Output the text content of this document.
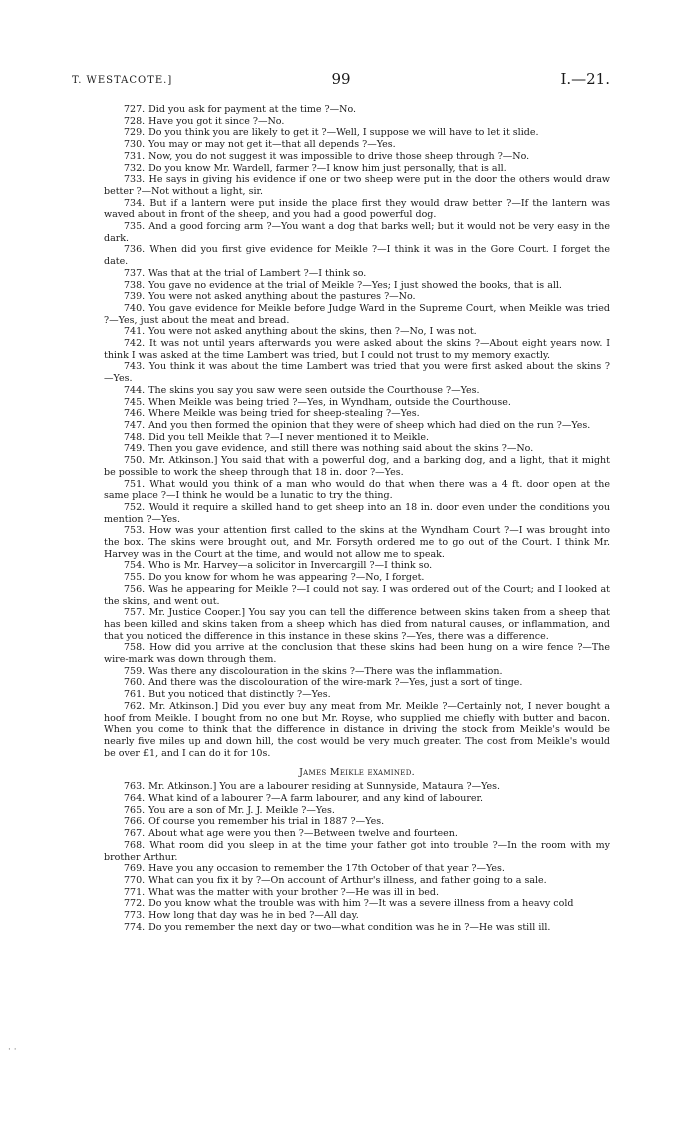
T. WESTACOTE.]	99	I.—21.

727. Did you ask for payment at the time ?—No.

728. Have you got it since ?—No.

729. Do you think you are likely to get it ?—Well, I suppose we will have to let it slide.

730. You may or may not get it—that all depends ?—Yes.

731. Now, you do not suggest it was impossible to drive those sheep through ?—No.

732. Do you know Mr. Wardell, farmer ?—I know him just personally, that is all.

733. He says in giving his evidence if one or two sheep were put in the door the others would draw better ?—Not without a light, sir.

734. But if a lantern were put inside the place first they would draw better ?—If the lantern was waved about in front of the sheep, and you had a good powerful dog.

735. And a good forcing arm ?—You want a dog that barks well; but it would not be very easy in the dark.

736. When did you first give evidence for Meikle ?—I think it was in the Gore Court. I forget the date.

737. Was that at the trial of Lambert ?—I think so.

738. You gave no evidence at the trial of Meikle ?—Yes; I just showed the books, that is all.

739. You were not asked anything about the pastures ?—No.

740. You gave evidence for Meikle before Judge Ward in the Supreme Court, when Meikle was tried ?—Yes, just about the meat and bread.

741. You were not asked anything about the skins, then ?—No, I was not.

742. It was not until years afterwards you were asked about the skins ?—About eight years now. I think I was asked at the time Lambert was tried, but I could not trust to my memory exactly.

743. You think it was about the time Lambert was tried that you were first asked about the skins ? —Yes.

744. The skins you say you saw were seen outside the Courthouse ?—Yes.

745. When Meikle was being tried ?—Yes, in Wyndham, outside the Courthouse.

746. Where Meikle was being tried for sheep-stealing ?—Yes.

747. And you then formed the opinion that they were of sheep which had died on the run ?—Yes.

748. Did you tell Meikle that ?—I never mentioned it to Meikle.

749. Then you gave evidence, and still there was nothing said about the skins ?—No.

750. Mr. Atkinson.] You said that with a powerful dog, and a barking dog, and a light, that it might be possible to work the sheep through that 18 in. door ?—Yes.

751. What would you think of a man who would do that when there was a 4 ft. door open at the same place ?—I think he would be a lunatic to try the thing.

752. Would it require a skilled hand to get sheep into an 18 in. door even under the conditions you mention ?—Yes.

753. How was your attention first called to the skins at the Wyndham Court ?—I was brought into the box. The skins were brought out, and Mr. Forsyth ordered me to go out of the Court. I think Mr. Harvey was in the Court at the time, and would not allow me to speak.

754. Who is Mr. Harvey—a solicitor in Invercargill ?—I think so.

755. Do you know for whom he was appearing ?—No, I forget.

756. Was he appearing for Meikle ?—I could not say. I was ordered out of the Court; and I looked at the skins, and went out.

757. Mr. Justice Cooper.] You say you can tell the difference between skins taken from a sheep that has been killed and skins taken from a sheep which has died from natural causes, or inflammation, and that you noticed the difference in this instance in these skins ?—Yes, there was a difference.

758. How did you arrive at the conclusion that these skins had been hung on a wire fence ?—The wire-mark was down through them.

759. Was there any discolouration in the skins ?—There was the inflammation.

760. And there was the discolouration of the wire-mark ?—Yes, just a sort of tinge.

761. But you noticed that distinctly ?—Yes.

762. Mr. Atkinson.] Did you ever buy any meat from Mr. Meikle ?—Certainly not, I never bought a hoof from Meikle. I bought from no one but Mr. Royse, who supplied me chiefly with butter and bacon. When you come to think that the difference in distance in driving the stock from Meikle's would be nearly five miles up and down hill, the cost would be very much greater. The cost from Meikle's would be over £1, and I can do it for 10s.

James Meikle examined.

763. Mr. Atkinson.] You are a labourer residing at Sunnyside, Mataura ?—Yes.

764. What kind of a labourer ?—A farm labourer, and any kind of labourer.

765. You are a son of Mr. J. J. Meikle ?—Yes.

766. Of course you remember his trial in 1887 ?—Yes.

767. About what age were you then ?—Between twelve and fourteen.

768. What room did you sleep in at the time your father got into trouble ?—In the room with my brother Arthur.

769. Have you any occasion to remember the 17th October of that year ?—Yes.

770. What can you fix it by ?—On account of Arthur's illness, and father going to a sale.

771. What was the matter with your brother ?—He was ill in bed.

772. Do you know what the trouble was with him ?—It was a severe illness from a heavy cold

773. How long that day was he in bed ?—All day.

774. Do you remember the next day or two—what condition was he in ?—He was still ill.

· ·
